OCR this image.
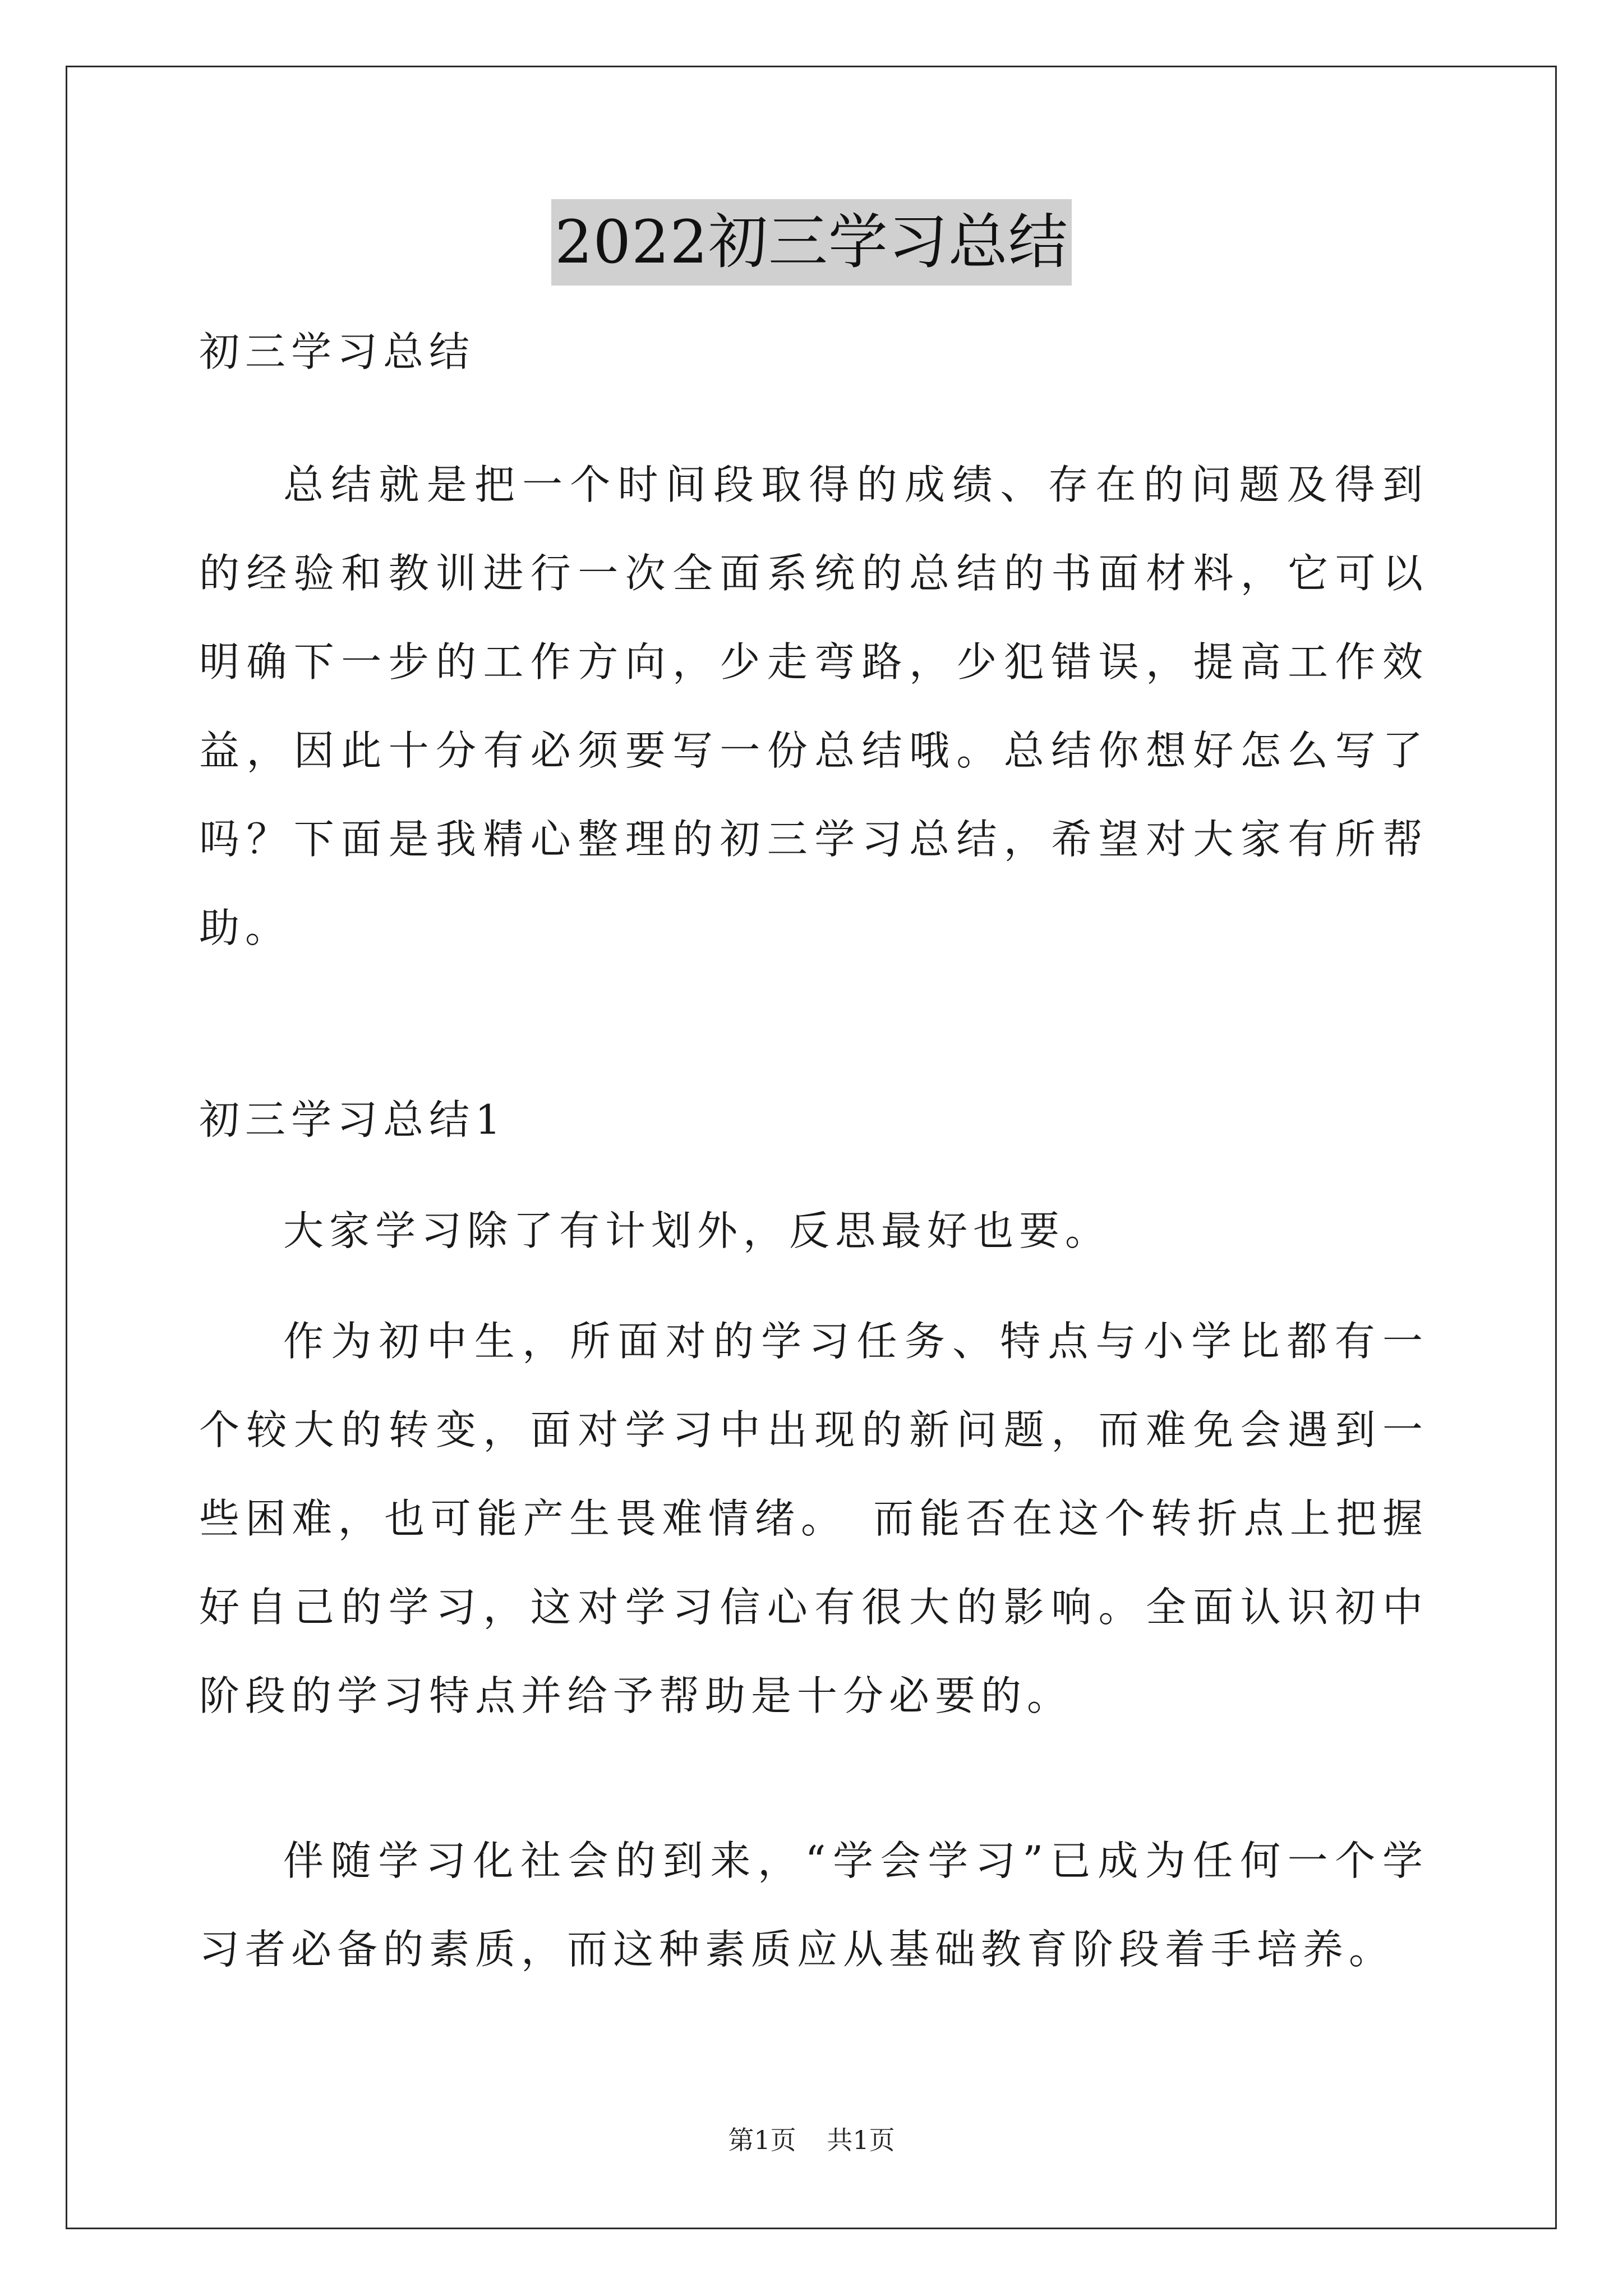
2022初三学习总结

初三学习总结

总结就是把一个时间段取得的成绩、存在的问题及得到的经验和教训进行一次全面系统的总结的书面材料，它可以明确下一步的工作方向，少走弯路，少犯错误，提高工作效益，因此十分有必须要写一份总结哦。总结你想好怎么写了吗？下面是我精心整理的初三学习总结，希望对大家有所帮助。

初三学习总结1

大家学习除了有计划外，反思最好也要。

作为初中生，所面对的学习任务、特点与小学比都有一个较大的转变，面对学习中出现的新问题，而难免会遇到一些困难，也可能产生畏难情绪。　而能否在这个转折点上把握好自己的学习，这对学习信心有很大的影响。全面认识初中阶段的学习特点并给予帮助是十分必要的。

伴随学习化社会的到来，“学会学习”已成为任何一个学习者必备的素质，而这种素质应从基础教育阶段着手培养。

第1页 共1页
